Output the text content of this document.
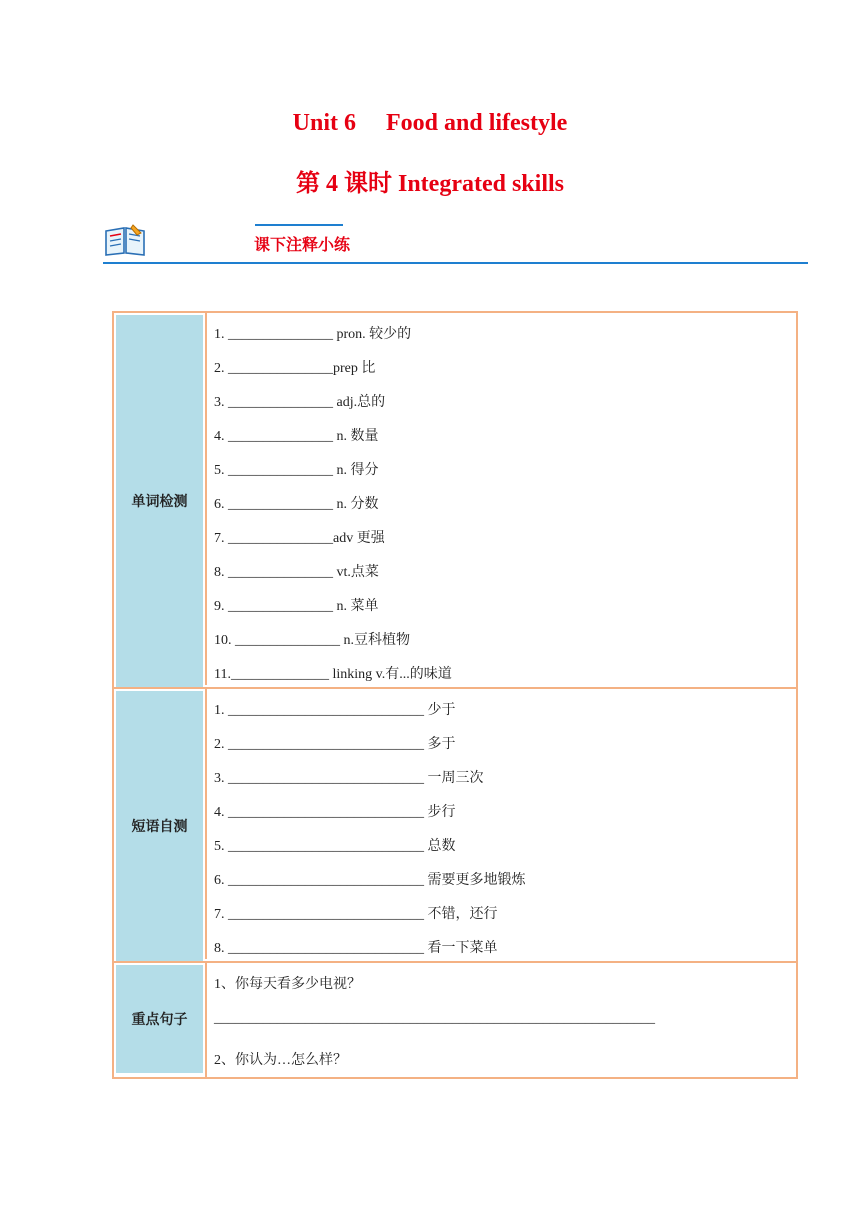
Unit 6  Food and lifestyle
第 4 课时 Integrated skills
课下注释小练
单词检测
1. _______________ pron. 较少的
2. _______________prep 比
3. _______________ adj.总的
4. _______________ n. 数量
5. _______________ n. 得分
6. _______________ n. 分数
7. _______________adv 更强
8. _______________ vt.点菜
9. _______________ n. 菜单
10. _______________ n.豆科植物
11.______________ linking v.有...的味道
短语自测
1. ____________________________ 少于
2. ____________________________ 多于
3. ____________________________ 一周三次
4. ____________________________ 步行
5. ____________________________ 总数
6. ____________________________ 需要更多地锻炼
7. ____________________________ 不错，还行
8. ____________________________ 看一下菜单
重点句子
1、你每天看多少电视？
_______________________________________________________________
2、你认为…怎么样？
